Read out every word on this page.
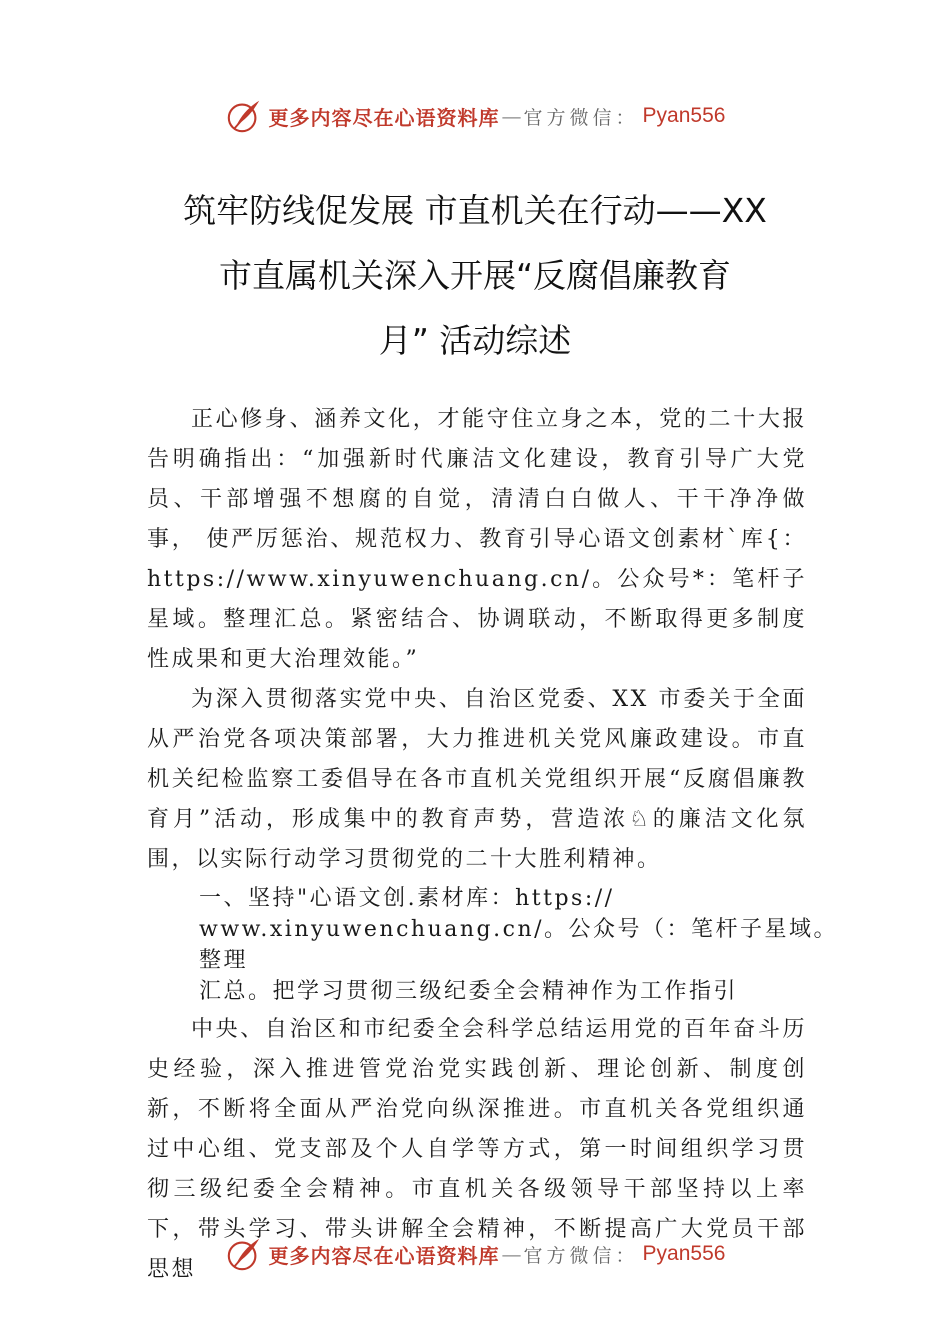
更多内容尽在心语资料库 — 官方微信： Pyan556
筑牢防线促发展 市直机关在行动——XX
市直属机关深入开展“反腐倡廉教育
月” 活动综述

正心修身、涵养文化，才能守住立身之本，党的二十大报告明确指出：“加强新时代廉洁文化建设，教育引导广大党员、干部增强不想腐的自觉，清清白白做人、干干净净做事， 使严厉惩治、规范权力、教育引导心语文创素材`库{：https://www.xinyuwenchuang.cn/。公众号*：笔杆子星域。整理汇总。紧密结合、协调联动，不断取得更多制度性成果和更大治理效能。”

为深入贯彻落实党中央、自治区党委、XX 市委关于全面从严治党各项决策部署，大力推进机关党风廉政建设。市直机关纪检监察工委倡导在各市直机关党组织开展“反腐倡廉教育月”活动，形成集中的教育声势，营造浓♘的廉洁文化氛围，以实际行动学习贯彻党的二十大胜利精神。

一、坚持"心语文创.素材库：https://
www.xinyuwenchuang.cn/。公众号（：笔杆子星域。整理
汇总。把学习贯彻三级纪委全会精神作为工作指引

中央、自治区和市纪委全会科学总结运用党的百年奋斗历史经验，深入推进管党治党实践创新、理论创新、制度创新，不断将全面从严治党向纵深推进。市直机关各党组织通过中心组、党支部及个人自学等方式，第一时间组织学习贯彻三级纪委全会精神。市直机关各级领导干部坚持以上率下，带头学习、带头讲解全会精神，不断提高广大党员干部思想

更多内容尽在心语资料库 — 官方微信： Pyan556
